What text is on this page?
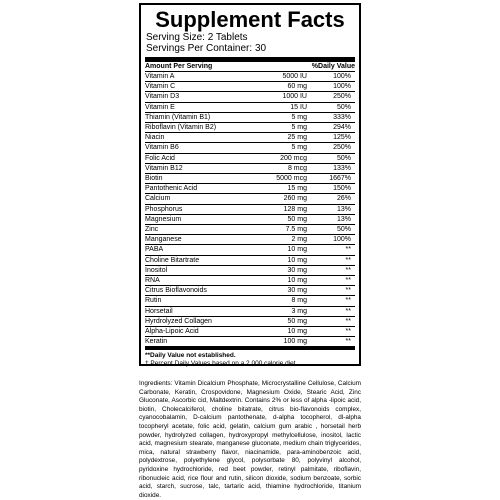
Supplement Facts
Serving Size: 2 Tablets
Servings Per Container: 30
Amount Per Serving	%Daily Value
Vitamin A	5000 IU	100%
Vitamin C	60 mg	100%
Vitamin D3	1000 IU	250%
Vitamin E	15 IU	50%
Thiamin (Vitamin B1)	5 mg	333%
Riboflavin (Vitamin B2)	5 mg	294%
Niacin	25 mg	125%
Vitamin B6	5 mg	250%
Folic Acid	200 mcg	50%
Vitamin B12	8 mcg	133%
Biotin	5000 mcg	1667%
Pantothenic Acid	15 mg	150%
Calcium	260 mg	26%
Phosphorus	128 mg	13%
Magnesium	50 mg	13%
Zinc	7.5 mg	50%
Manganese	2 mg	100%
PABA	10 mg	**
Choline Bitartrate	10 mg	**
Inositol	30 mg	**
RNA	10 mg	**
Citrus Bioflavonoids	30 mg	**
Rutin	8 mg	**
Horsetail	3 mg	**
Hyrdrolyzed Collagen	50 mg	**
Alpha-Lipoic Acid	10 mg	**
Keratin	100 mg	**
**Daily Value not established.
† Percent Daily Values based on a 2,000 calorie diet.
Ingredients: Vitamin Dicalcium Phosphate, Microcrystalline Cellulose, Calcium Carbonate, Keratin, Crospovidone, Magnesium Oxide, Stearic Acid, Zinc Gluconate, Ascorbic cid, Maltdextrin. Contains 2% or less of alpha -lipoic acid, biotin, Cholecalciferol, choline bitatrate, citrus bio-flavonoids complex, cyanocobalamin, D-calcium pantothenate, d-alpha tocopherol, dl-alpha tocopheryl acetate, folic acid, gelatin, calcium gum arabic , horsetail herb powder, hydrolyzed collagen, hydroxypropyl methylcellulose, inositol, lactic acid, magnesium stearate, manganese gluconate, medium chain triglycerides, mica, natural strawberry flavor, niacinamide, para-aminobenzoic acid, polydextrose, polyethylene glycol, polysorbate 80, polyvinyl alcohol, pyridoxine hydrochloride, red beet powder, retinyl palmitate, riboflavin, ribonucleic acid, rice flour and rutin, silicon dioxide, sodium benzoate, sorbic acid, starch, sucrose, talc, tartaric acid, thiamine hydrochloride, titanium dioxide.
